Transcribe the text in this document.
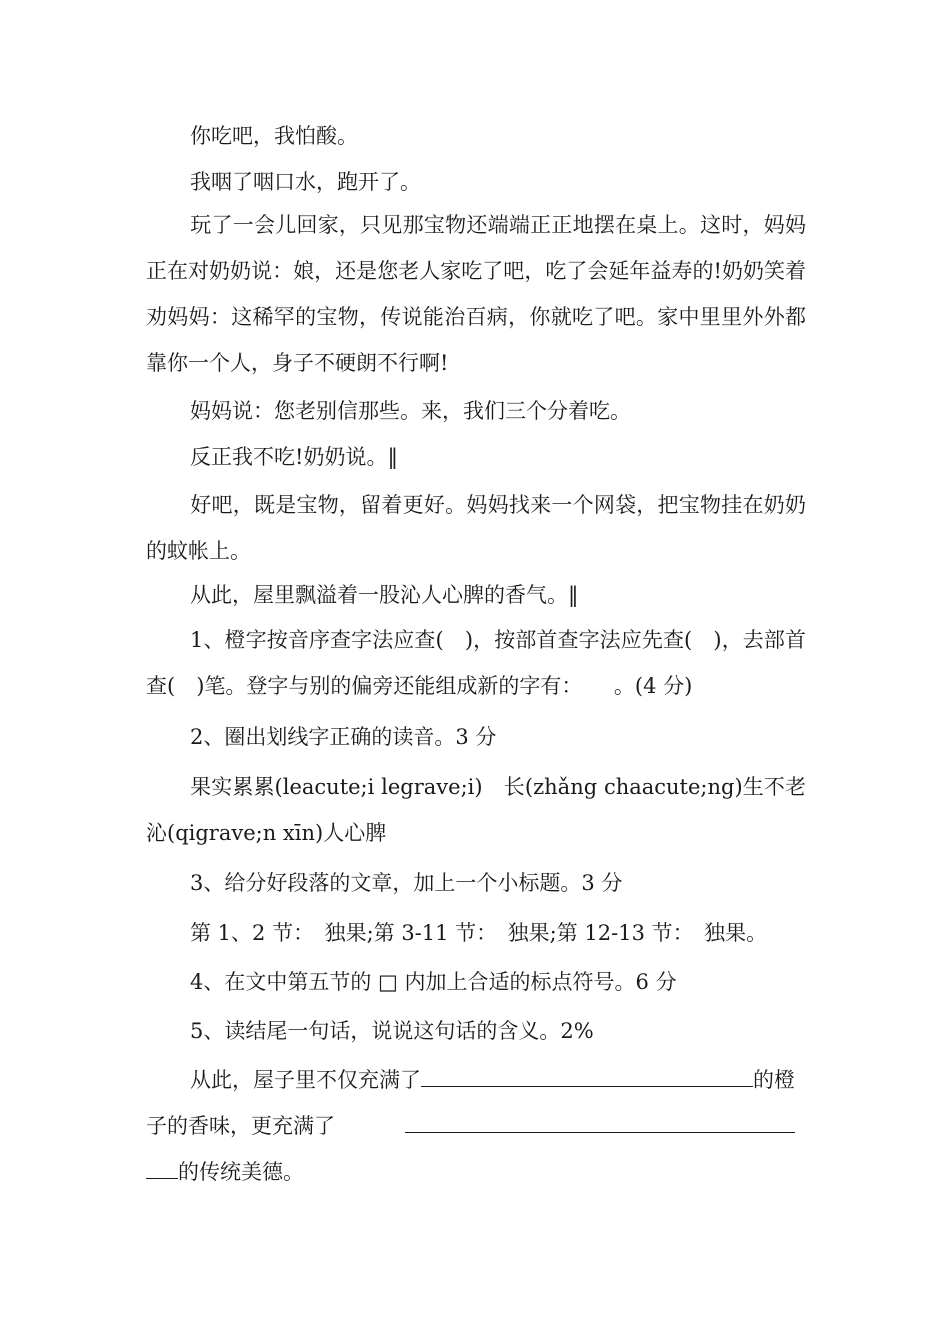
你吃吧，我怕酸。

我咽了咽口水，跑开了。

玩了一会儿回家，只见那宝物还端端正正地摆在桌上。这时，妈妈正在对奶奶说：娘，还是您老人家吃了吧，吃了会延年益寿的!奶奶笑着劝妈妈：这稀罕的宝物，传说能治百病，你就吃了吧。家中里里外外都靠你一个人，身子不硬朗不行啊!

妈妈说：您老别信那些。来，我们三个分着吃。

反正我不吃!奶奶说。‖

好吧，既是宝物，留着更好。妈妈找来一个网袋，把宝物挂在奶奶的蚊帐上。

从此，屋里飘溢着一股沁人心脾的香气。‖

1、橙字按音序查字法应查(　)，按部首查字法应先查(　)，去部首查(　)笔。登字与别的偏旁还能组成新的字有：　　。(4 分)

2、圈出划线字正确的读音。3 分

果实累累(leacute;i legrave;i)　长(zhǎng chaacute;ng)生不老　沁(qigrave;n xīn)人心脾

3、给分好段落的文章，加上一个小标题。3 分

第 1、2 节：　独果;第 3-11 节：　独果;第 12-13 节：　独果。

4、在文中第五节的 □ 内加上合适的标点符号。6 分

5、读结尾一句话，说说这句话的含义。2%

从此，屋子里不仅充满了	的橙子的香味，更充满了的传统美德。
